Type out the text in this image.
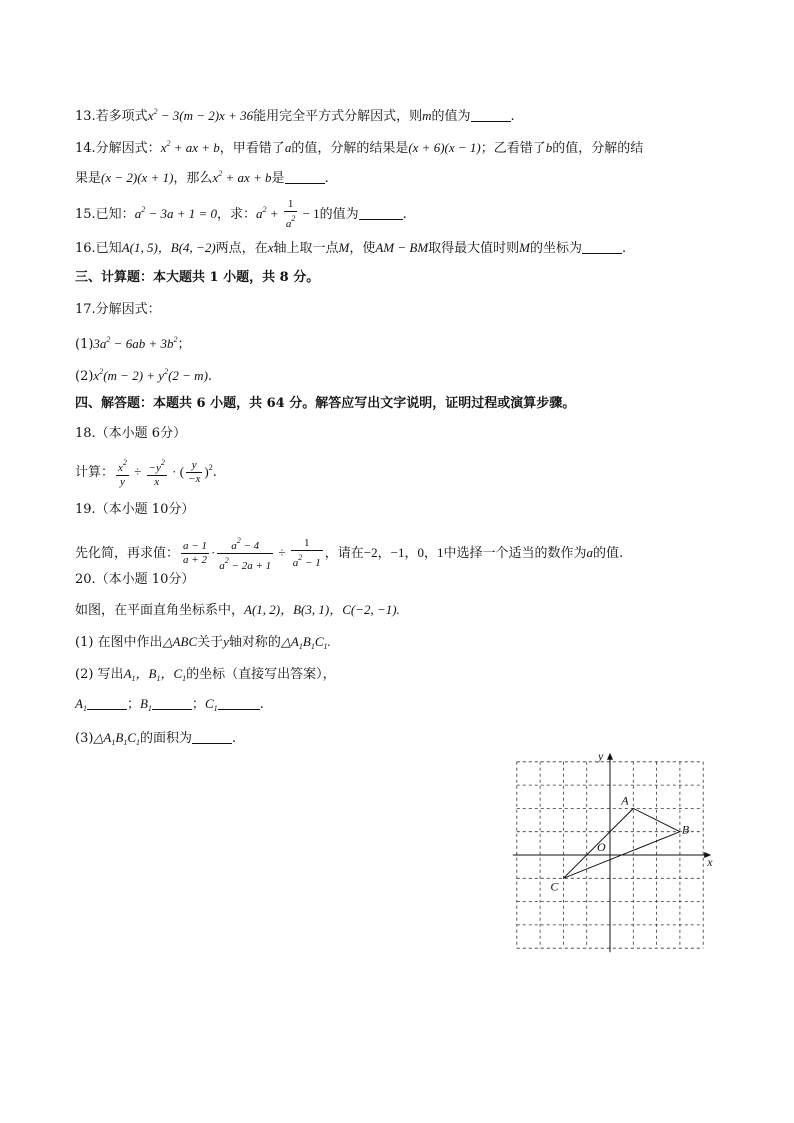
13.若多项式$x^2 - 3(m - 2)x + 36$能用完全平方式分解因式，则m的值为	.
14.分解因式：$x^2$ + ax + b，甲看错了a的值，分解的结果是(x + 6)(x − 1)；乙看错了b的值，分解的结
果是(x − 2)(x + 1)，那么$x^2$ + ax + b是	.
15.已知：$a^2 - 3a + 1 = 0$，求：$a^2 + \frac{1}{a^2} - 1$的值为	.
16.已知A(1, 5)，B(4, −2)两点，在x轴上取一点M，使AM − BM取得最大值时则M的坐标为	.
三、计算题：本大题共 1 小题，共 8 分。
17.分解因式：
$(1)3a^2 - 6ab + 3b^2$；
$(2)x^2(m - 2) + y^2(2 - m)$.
四、解答题：本题共 6 小题，共 64 分。解答应写出文字说明，证明过程或演算步骤。
18.（本小题 6分）
计算： $\frac{x^2}{y} \div \frac{-y^2}{x}$ · ( $\frac{y}{-x} )^2$.
19.（本小题 10分）
先化简，再求值： $\frac{a - 1}{a + 2} \cdot \frac{a^2 - 4}{a^2 - 2a + 1} \div \frac{1}{a^2 - 1}$ ，请在−2，−1，0，1中选择一个适当的数作为a的值.
20.（本小题 10分）
如图，在平面直角坐标系中，A(1, 2)，B(3, 1)，C(−2, −1).
(1) 在图中作出△ABC关于y轴对称的$\triangle A_1B_1C_1$.
(2) 写出$A_1$，$B_1$，$C_1$的坐标（直接写出答案），
$A_1$	；$B_1$	；$C_1$	.
$(3)\triangle A_1B_1C_1$的面积为	.
A
B
C
O
x
y
